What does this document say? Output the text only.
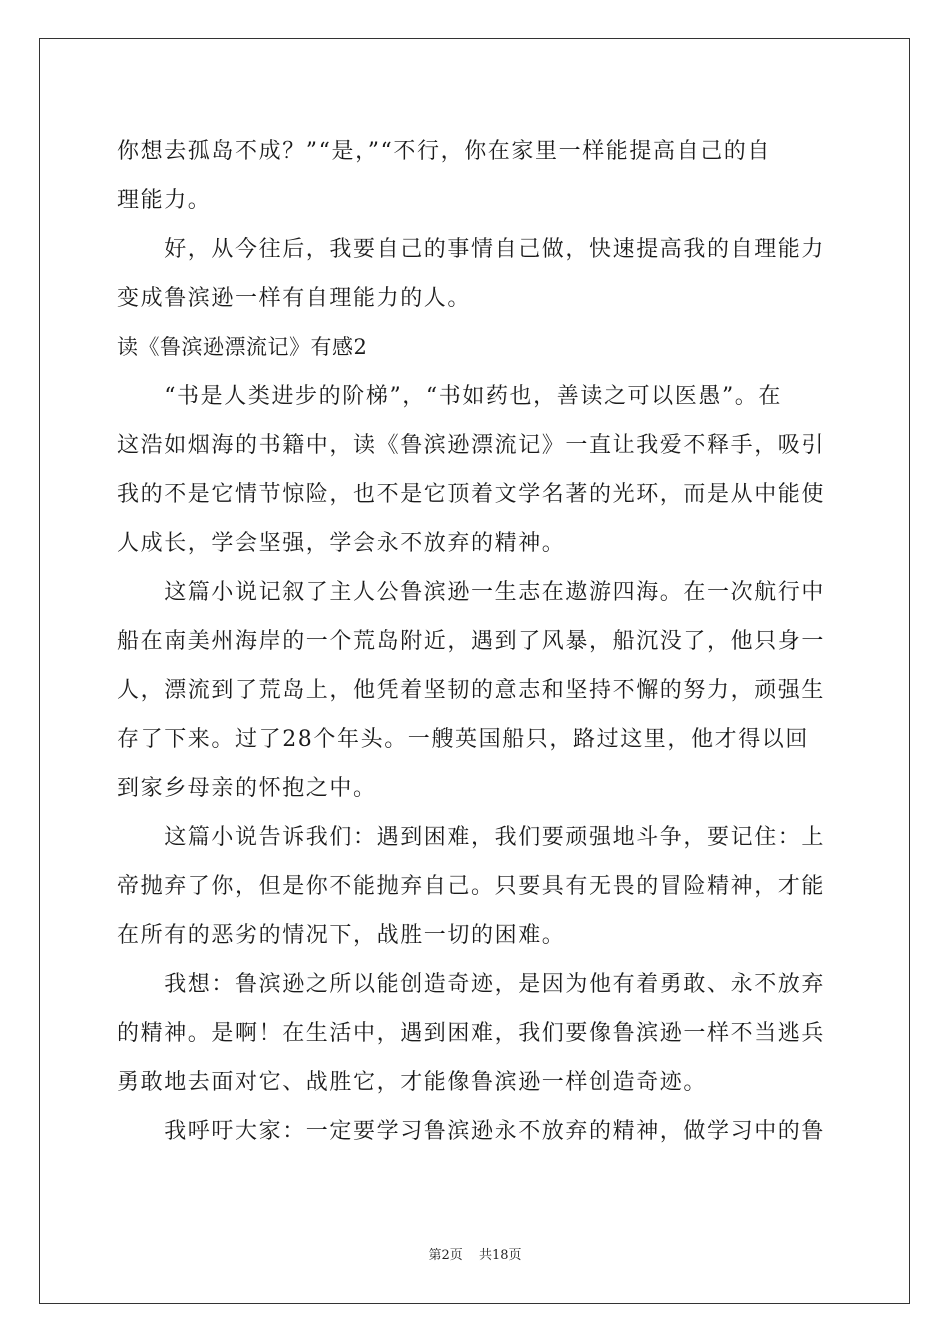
你想去孤岛不成？”“是，”“不行，你在家里一样能提高自己的自
理能力。
　　好，从今往后，我要自己的事情自己做，快速提高我的自理能力
变成鲁滨逊一样有自理能力的人。
读《鲁滨逊漂流记》有感2
　　“书是人类进步的阶梯”，“书如药也，善读之可以医愚”。在
这浩如烟海的书籍中，读《鲁滨逊漂流记》一直让我爱不释手，吸引
我的不是它情节惊险，也不是它顶着文学名著的光环，而是从中能使
人成长，学会坚强，学会永不放弃的精神。
　　这篇小说记叙了主人公鲁滨逊一生志在遨游四海。在一次航行中
船在南美州海岸的一个荒岛附近，遇到了风暴，船沉没了，他只身一
人，漂流到了荒岛上，他凭着坚韧的意志和坚持不懈的努力，顽强生
存了下来。过了28个年头。一艘英国船只，路过这里，他才得以回
到家乡母亲的怀抱之中。
　　这篇小说告诉我们：遇到困难，我们要顽强地斗争，要记住：上
帝抛弃了你，但是你不能抛弃自己。只要具有无畏的冒险精神，才能
在所有的恶劣的情况下，战胜一切的困难。
　　我想：鲁滨逊之所以能创造奇迹，是因为他有着勇敢、永不放弃
的精神。是啊！在生活中，遇到困难，我们要像鲁滨逊一样不当逃兵
勇敢地去面对它、战胜它，才能像鲁滨逊一样创造奇迹。
　　我呼吁大家：一定要学习鲁滨逊永不放弃的精神，做学习中的鲁
第2页 共18页
